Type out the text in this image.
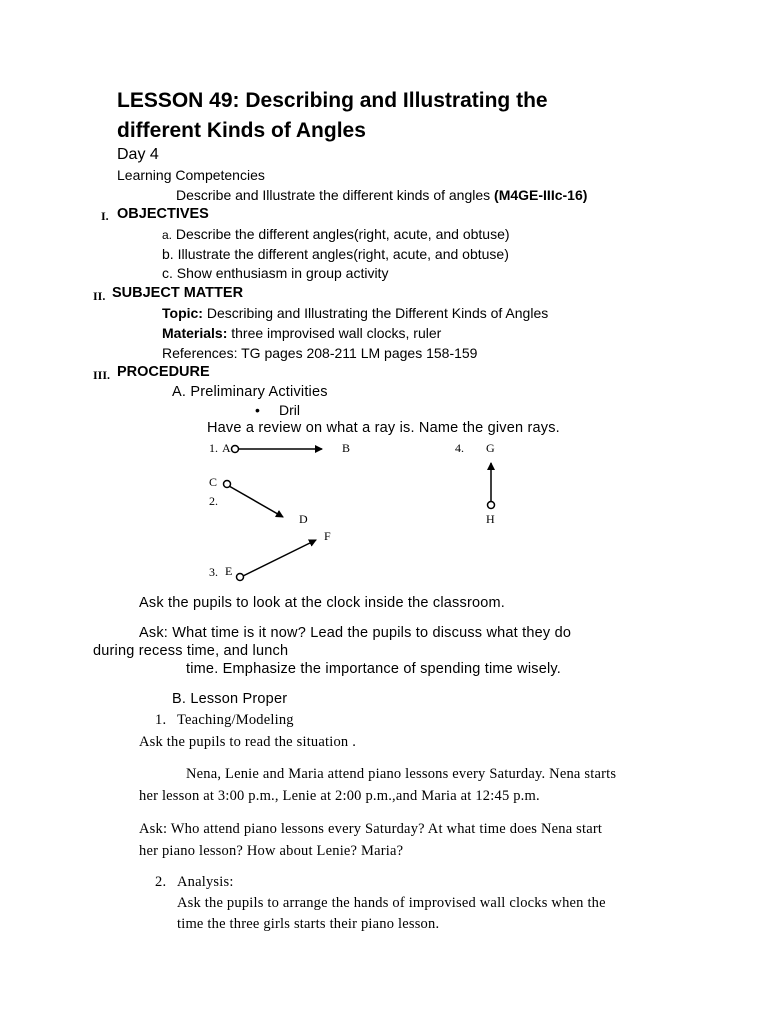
LESSON 49: Describing and Illustrating the
different Kinds of Angles
Day 4
Learning Competencies
Describe and Illustrate the different kinds of angles (M4GE-IIIc-16)
I. OBJECTIVES
a. Describe the different angles(right, acute, and obtuse)
b. Illustrate the different angles(right, acute, and obtuse)
c. Show enthusiasm in group activity
II. SUBJECT MATTER
Topic: Describing and Illustrating the Different Kinds of Angles
Materials: three improvised wall clocks, ruler
References: TG pages 208-211 LM pages 158-159
III. PROCEDURE
A. Preliminary Activities
• Dril
Have a review on what a ray is. Name the given rays.
1. A	B
C
2.
D
F
3. E
4. G
H
Ask the pupils to look at the clock inside the classroom.
Ask: What time is it now? Lead the pupils to discuss what they do
during recess time, and lunch
time. Emphasize the importance of spending time wisely.
B. Lesson Proper
1. Teaching/Modeling
Ask the pupils to read the situation .
Nena, Lenie and Maria attend piano lessons every Saturday. Nena starts
her lesson at 3:00 p.m., Lenie at 2:00 p.m.,and Maria at 12:45 p.m.
Ask: Who attend piano lessons every Saturday? At what time does Nena start
her piano lesson? How about Lenie? Maria?
2. Analysis:
Ask the pupils to arrange the hands of improvised wall clocks when the
time the three girls starts their piano lesson.
